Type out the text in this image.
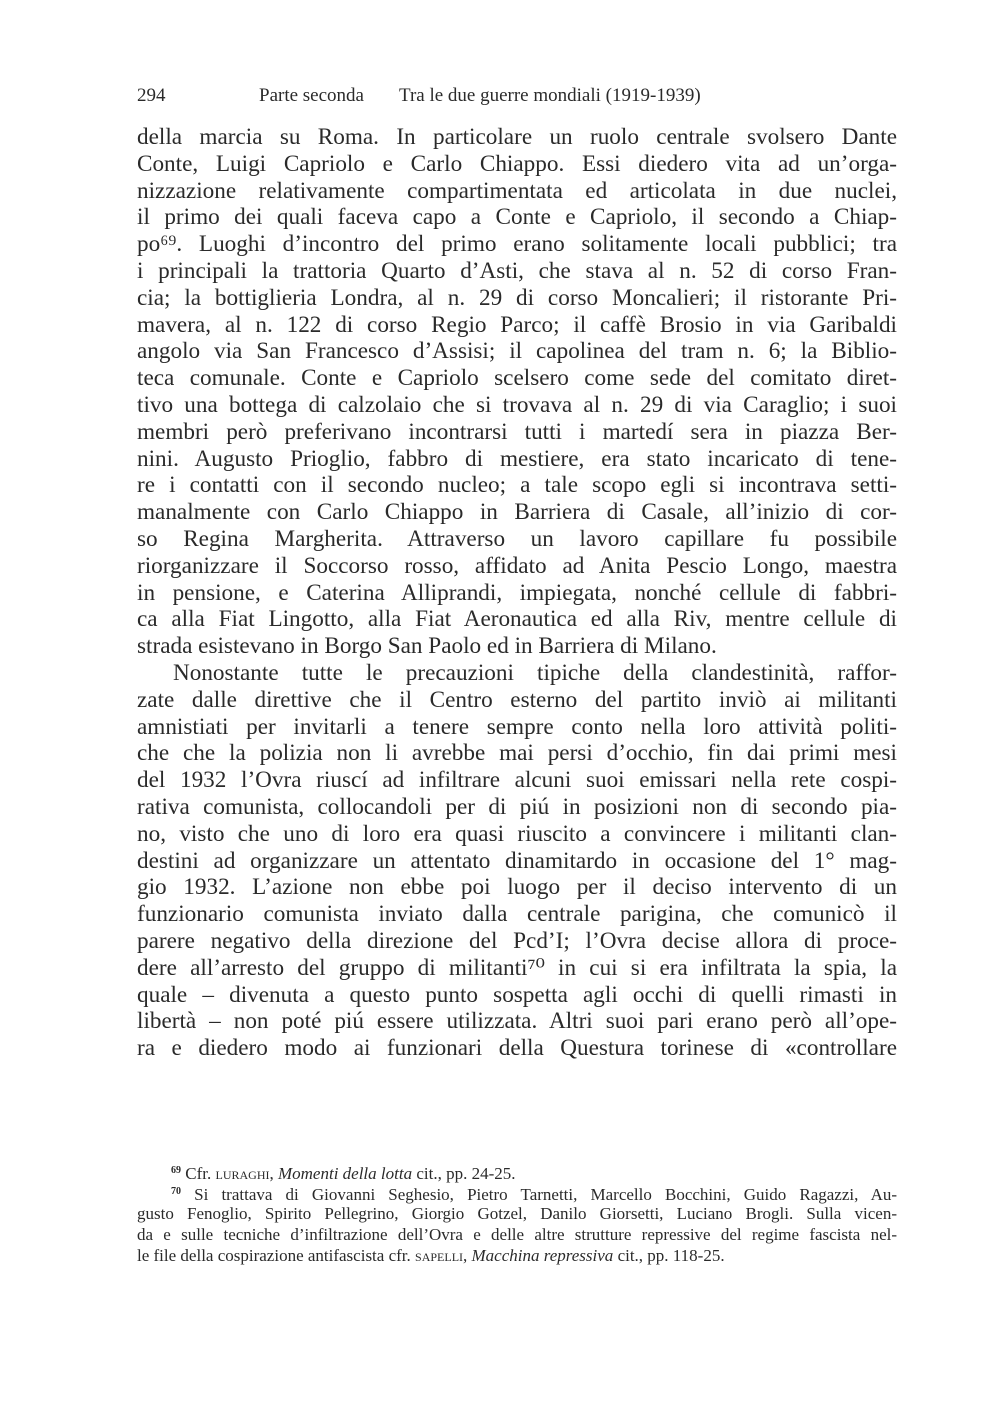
294	Parte seconda Tra le due guerre mondiali (1919-1939)
della marcia su Roma. In particolare un ruolo centrale svolsero Dante
Conte, Luigi Capriolo e Carlo Chiappo. Essi diedero vita ad un’orga-
nizzazione relativamente compartimentata ed articolata in due nuclei,
il primo dei quali faceva capo a Conte e Capriolo, il secondo a Chiap-
po⁶⁹. Luoghi d’incontro del primo erano solitamente locali pubblici; tra
i principali la trattoria Quarto d’Asti, che stava al n. 52 di corso Fran-
cia; la bottiglieria Londra, al n. 29 di corso Moncalieri; il ristorante Pri-
mavera, al n. 122 di corso Regio Parco; il caffè Brosio in via Garibaldi
angolo via San Francesco d’Assisi; il capolinea del tram n. 6; la Biblio-
teca comunale. Conte e Capriolo scelsero come sede del comitato diret-
tivo una bottega di calzolaio che si trovava al n. 29 di via Caraglio; i suoi
membri però preferivano incontrarsi tutti i martedí sera in piazza Ber-
nini. Augusto Prioglio, fabbro di mestiere, era stato incaricato di tene-
re i contatti con il secondo nucleo; a tale scopo egli si incontrava setti-
manalmente con Carlo Chiappo in Barriera di Casale, all’inizio di cor-
so Regina Margherita. Attraverso un lavoro capillare fu possibile
riorganizzare il Soccorso rosso, affidato ad Anita Pescio Longo, maestra
in pensione, e Caterina Alliprandi, impiegata, nonché cellule di fabbri-
ca alla Fiat Lingotto, alla Fiat Aeronautica ed alla Riv, mentre cellule di
strada esistevano in Borgo San Paolo ed in Barriera di Milano.
Nonostante tutte le precauzioni tipiche della clandestinità, raffor-
zate dalle direttive che il Centro esterno del partito inviò ai militanti
amnistiati per invitarli a tenere sempre conto nella loro attività politi-
che che la polizia non li avrebbe mai persi d’occhio, fin dai primi mesi
del 1932 l’Ovra riuscí ad infiltrare alcuni suoi emissari nella rete cospi-
rativa comunista, collocandoli per di piú in posizioni non di secondo pia-
no, visto che uno di loro era quasi riuscito a convincere i militanti clan-
destini ad organizzare un attentato dinamitardo in occasione del 1° mag-
gio 1932. L’azione non ebbe poi luogo per il deciso intervento di un
funzionario comunista inviato dalla centrale parigina, che comunicò il
parere negativo della direzione del Pcd’I; l’Ovra decise allora di proce-
dere all’arresto del gruppo di militanti⁷⁰ in cui si era infiltrata la spia, la
quale – divenuta a questo punto sospetta agli occhi di quelli rimasti in
libertà – non poté piú essere utilizzata. Altri suoi pari erano però all’ope-
ra e diedero modo ai funzionari della Questura torinese di «controllare
$^{69}$ Cfr. luraghi, Momenti della lotta cit., pp. 24-25.
$^{70}$ Si trattava di Giovanni Seghesio, Pietro Tarnetti, Marcello Bocchini, Guido Ragazzi, Au-
gusto Fenoglio, Spirito Pellegrino, Giorgio Gotzel, Danilo Giorsetti, Luciano Brogli. Sulla vicen-
da e sulle tecniche d’infiltrazione dell’Ovra e delle altre strutture repressive del regime fascista nel-
le file della cospirazione antifascista cfr. sapelli, Macchina repressiva cit., pp. 118-25.
